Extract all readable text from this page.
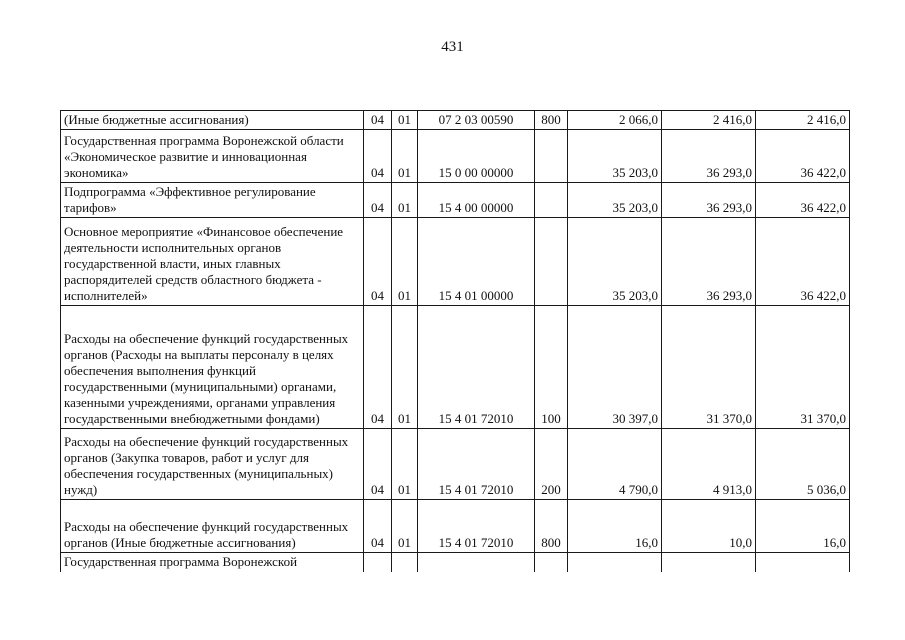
431
(Иные бюджетные ассигнования)	04	01	07 2 03 00590	800	2 066,0	2 416,0	2 416,0
Государственная программа Воронежской области «Экономическое развитие и инновационная экономика»	04	01	15 0 00 00000		35 203,0	36 293,0	36 422,0
Подпрограмма «Эффективное регулирование тарифов»	04	01	15 4 00 00000		35 203,0	36 293,0	36 422,0
Основное мероприятие «Финансовое обеспечение деятельности исполнительных органов государственной власти, иных главных распорядителей средств областного бюджета - исполнителей»	04	01	15 4 01 00000		35 203,0	36 293,0	36 422,0
Расходы на обеспечение функций государственных органов (Расходы на выплаты персоналу в целях обеспечения выполнения функций государственными (муниципальными) органами, казенными учреждениями, органами управления государственными внебюджетными фондами)	04	01	15 4 01 72010	100	30 397,0	31 370,0	31 370,0
Расходы на обеспечение функций государственных органов (Закупка товаров, работ и услуг для обеспечения государственных (муниципальных) нужд)	04	01	15 4 01 72010	200	4 790,0	4 913,0	5 036,0
Расходы на обеспечение функций государственных органов (Иные бюджетные ассигнования)	04	01	15 4 01 72010	800	16,0	10,0	16,0
Государственная программа Воронежской							
